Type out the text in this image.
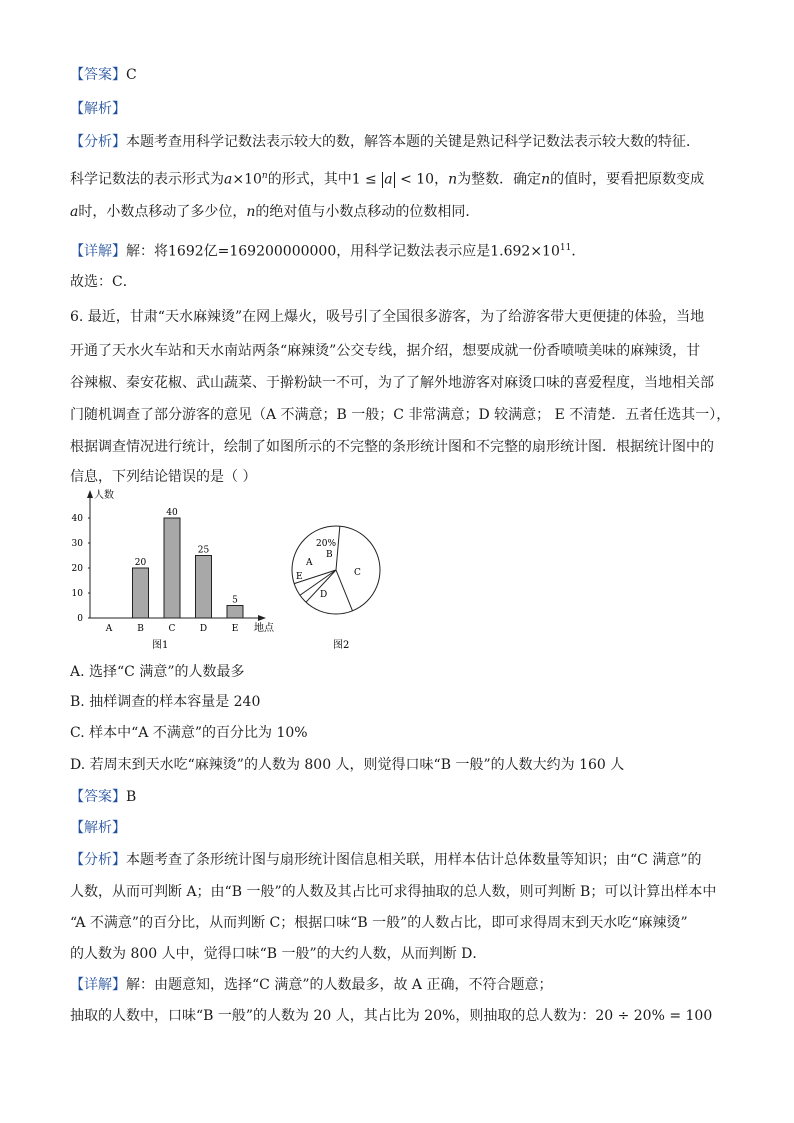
【答案】C
【解析】
【分析】本题考查用科学记数法表示较大的数，解答本题的关键是熟记科学记数法表示较大数的特征．
科学记数法的表示形式为$a\times 10^n$的形式，其中1 ≤ a < 10，n为整数．确定n的值时，要看把原数变成
a时，小数点移动了多少位，n的绝对值与小数点移动的位数相同．
【详解】解：将1692亿=169200000000，用科学记数法表示应是$1.692\times 10^{11}$．
故选：C．
6. 最近，甘肃“天水麻辣烫”在网上爆火，吸号引了全国很多游客，为了给游客带大更便捷的体验，当地
开通了天水火车站和天水南站两条“麻辣烫”公交专线，据介绍，想要成就一份香喷喷美味的麻辣烫，甘
谷辣椒、秦安花椒、武山蔬菜、于擀粉缺一不可，为了了解外地游客对麻烫口味的喜爱程度，当地相关部
门随机调查了部分游客的意见（A 不满意；B 一般；C 非常满意；D 较满意； E 不清楚．五者任选其一），
根据调查情况进行统计，绘制了如图所示的不完整的条形统计图和不完整的扇形统计图．根据统计图中的
信息，下列结论错误的是（ ）
人数
地点
0
10
20
30
40
A
20
B
40
C
25
D
5
E
图1
A
B
C
D
E
20%
图2
A. 选择“C 满意”的人数最多
B. 抽样调查的样本容量是 240
C. 样本中“A 不满意”的百分比为 10%
D. 若周末到天水吃“麻辣烫”的人数为 800 人，则觉得口味“B 一般”的人数大约为 160 人
【答案】B
【解析】
【分析】本题考查了条形统计图与扇形统计图信息相关联，用样本估计总体数量等知识；由“C 满意”的
人数，从而可判断 A；由“B 一般”的人数及其占比可求得抽取的总人数，则可判断 B；可以计算出样本中
“A 不满意”的百分比，从而判断 C；根据口味“B 一般”的人数占比，即可求得周末到天水吃“麻辣烫”
的人数为 800 人中，觉得口味“B 一般”的大约人数，从而判断 D．
【详解】解：由题意知，选择“C 满意”的人数最多，故 A 正确，不符合题意；
抽取的人数中，口味“B 一般”的人数为 20 人，其占比为 20%，则抽取的总人数为：20 ÷ 20% = 100
